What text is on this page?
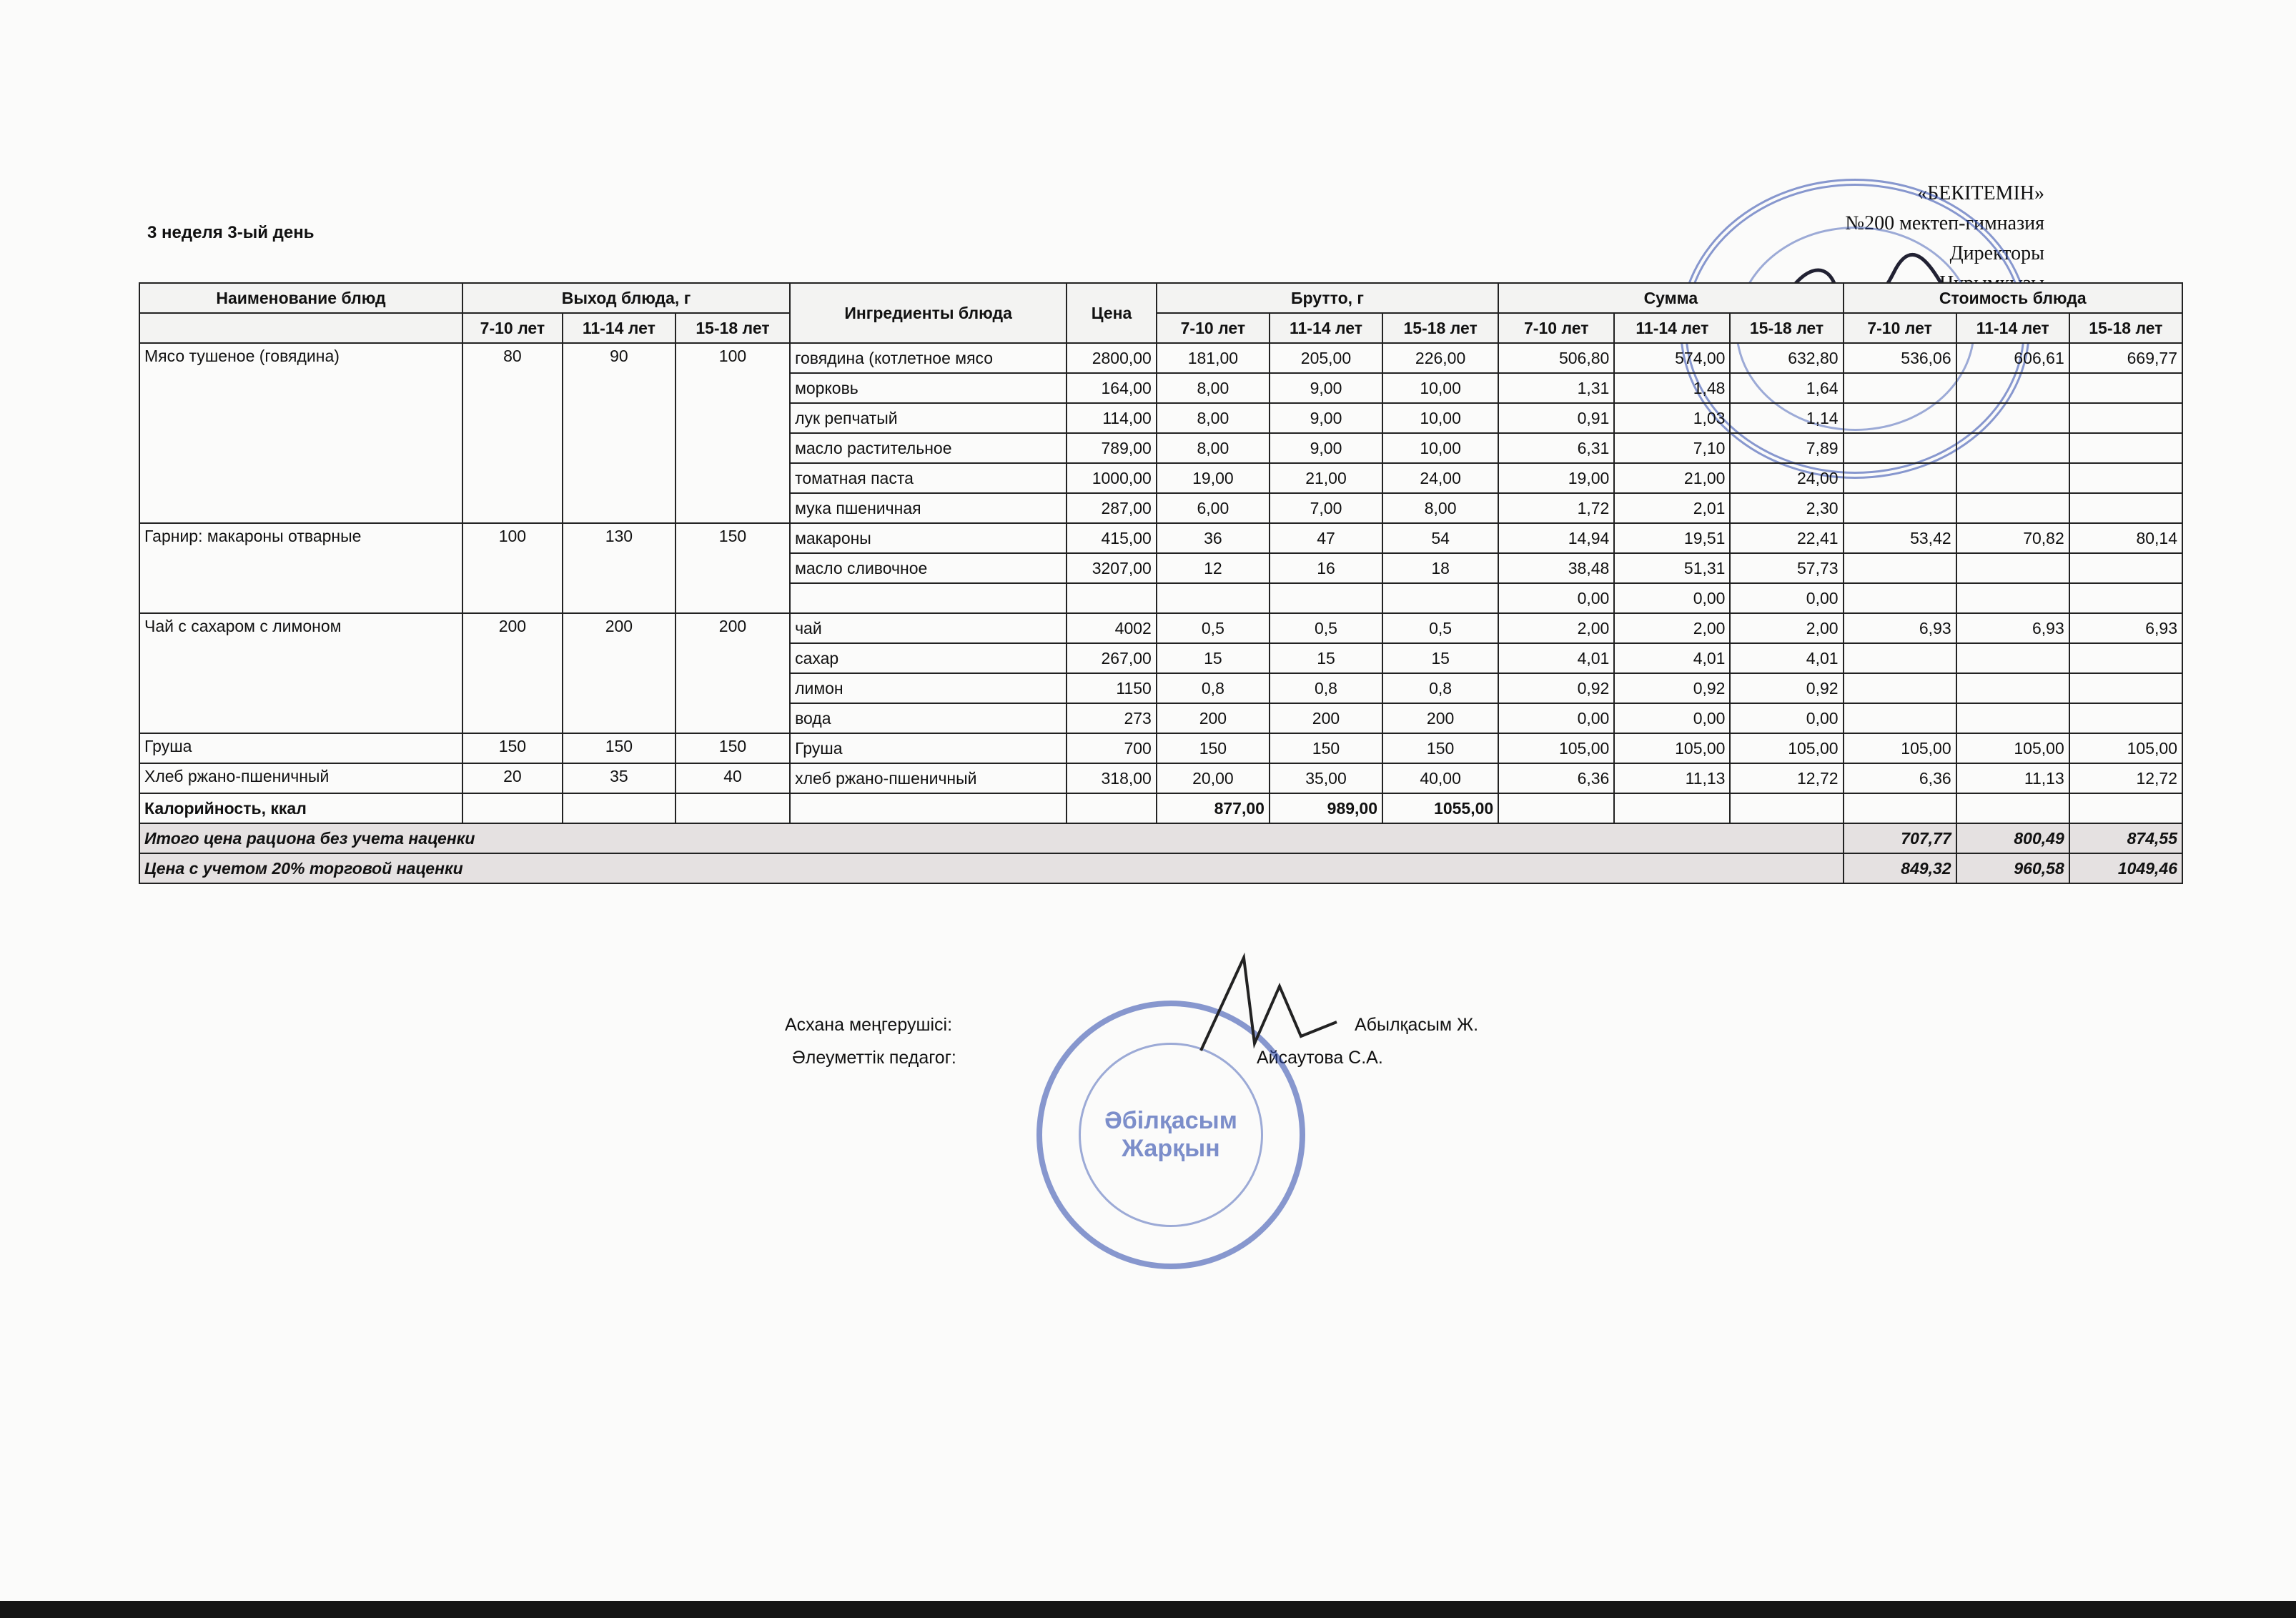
3 неделя 3-ый день
«БЕКІТЕМІН»
№200 мектеп-гимназия
Директоры
Наименование блюд	Выход блюда, г			Ингредиенты блюда	Цена	Брутто, г			Сумма			Стоимость блюда		
	7-10 лет	11-14 лет	15-18 лет			7-10 лет	11-14 лет	15-18 лет	7-10 лет	11-14 лет	15-18 лет	7-10 лет	11-14 лет	15-18 лет
Мясо тушеное (говядина)	80	90	100	говядина (котлетное мясо	2800,00	181,00	205,00	226,00	506,80	574,00	632,80	536,06	606,61	669,77
				морковь	164,00	8,00	9,00	10,00	1,31	1,48	1,64			
				лук репчатый	114,00	8,00	9,00	10,00	0,91	1,03	1,14			
				масло растительное	789,00	8,00	9,00	10,00	6,31	7,10	7,89			
				томатная паста	1000,00	19,00	21,00	24,00	19,00	21,00	24,00			
				мука пшеничная	287,00	6,00	7,00	8,00	1,72	2,01	2,30			
Гарнир: макароны отварные	100	130	150	макароны	415,00	36	47	54	14,94	19,51	22,41	53,42	70,82	80,14
				масло сливочное	3207,00	12	16	18	38,48	51,31	57,73			
									0,00	0,00	0,00			
Чай с сахаром с лимоном	200	200	200	чай	4002	0,5	0,5	0,5	2,00	2,00	2,00	6,93	6,93	6,93
				сахар	267,00	15	15	15	4,01	4,01	4,01			
				лимон	1150	0,8	0,8	0,8	0,92	0,92	0,92			
				вода	273	200	200	200	0,00	0,00	0,00			
Груша	150	150	150	Груша	700	150	150	150	105,00	105,00	105,00	105,00	105,00	105,00
Хлеб ржано-пшеничный	20	35	40	хлеб ржано-пшеничный	318,00	20,00	35,00	40,00	6,36	11,13	12,72	6,36	11,13	12,72
Калорийность, ккал						877,00	989,00	1055,00						
Итого цена рациона без учета наценки												707,77	800,49	874,55
Цена с учетом 20% торговой наценки												849,32	960,58	1049,46
Асхана меңгерушісі:	Абылқасым Ж.
Әлеуметтік педагог:	Айсаутова С.А.
Әбілқасым Жарқын
